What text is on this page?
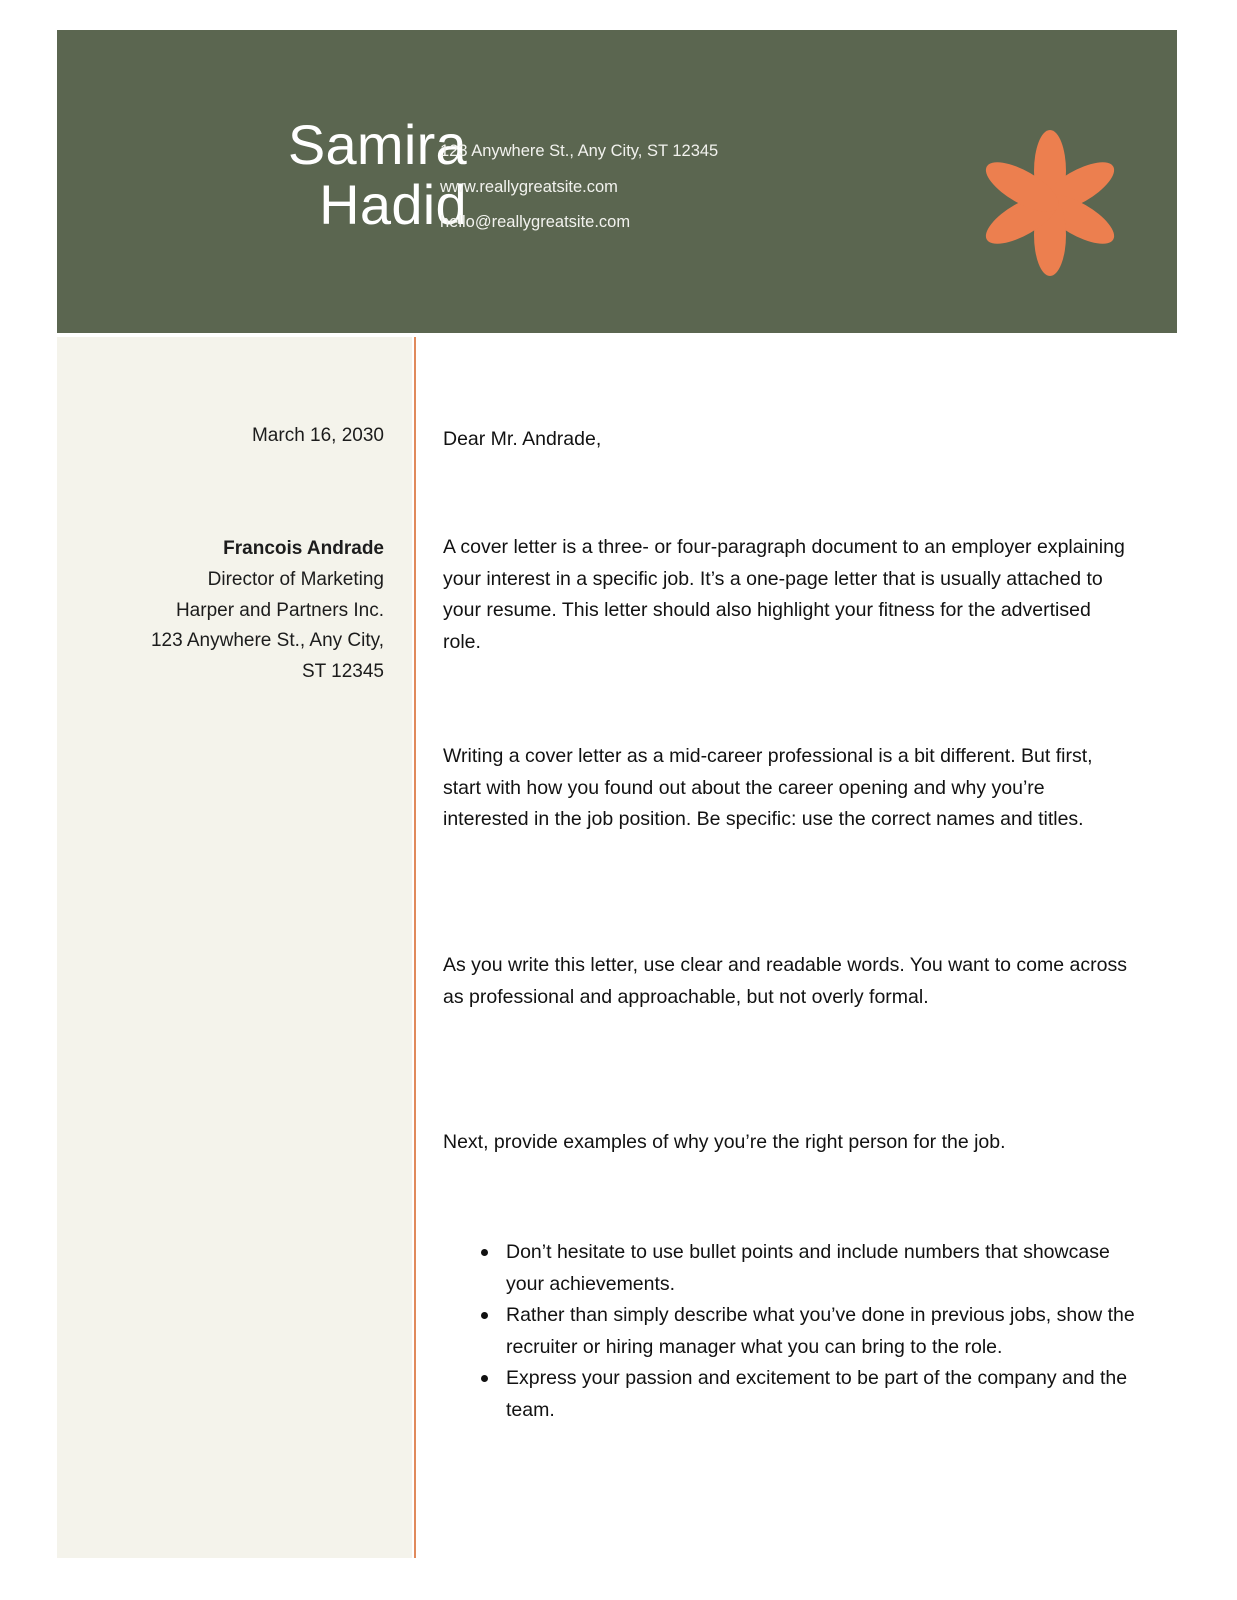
Samira
Hadid
123 Anywhere St., Any City, ST 12345
www.reallygreatsite.com
hello@reallygreatsite.com
March 16, 2030
Francois Andrade
Director of Marketing
Harper and Partners Inc.
123 Anywhere St., Any City,
ST 12345
Dear Mr. Andrade,

A cover letter is a three- or four-paragraph document to an employer explaining your interest in a specific job. It’s a one-page letter that is usually attached to your resume. This letter should also highlight your fitness for the advertised role.

Writing a cover letter as a mid-career professional is a bit different. But first, start with how you found out about the career opening and why you’re interested in the job position. Be specific: use the correct names and titles.

As you write this letter, use clear and readable words. You want to come across as professional and approachable, but not overly formal.

Next, provide examples of why you’re the right person for the job.

Don’t hesitate to use bullet points and include numbers that showcase your achievements.
Rather than simply describe what you’ve done in previous jobs, show the recruiter or hiring manager what you can bring to the role.
Express your passion and excitement to be part of the company and the team.
